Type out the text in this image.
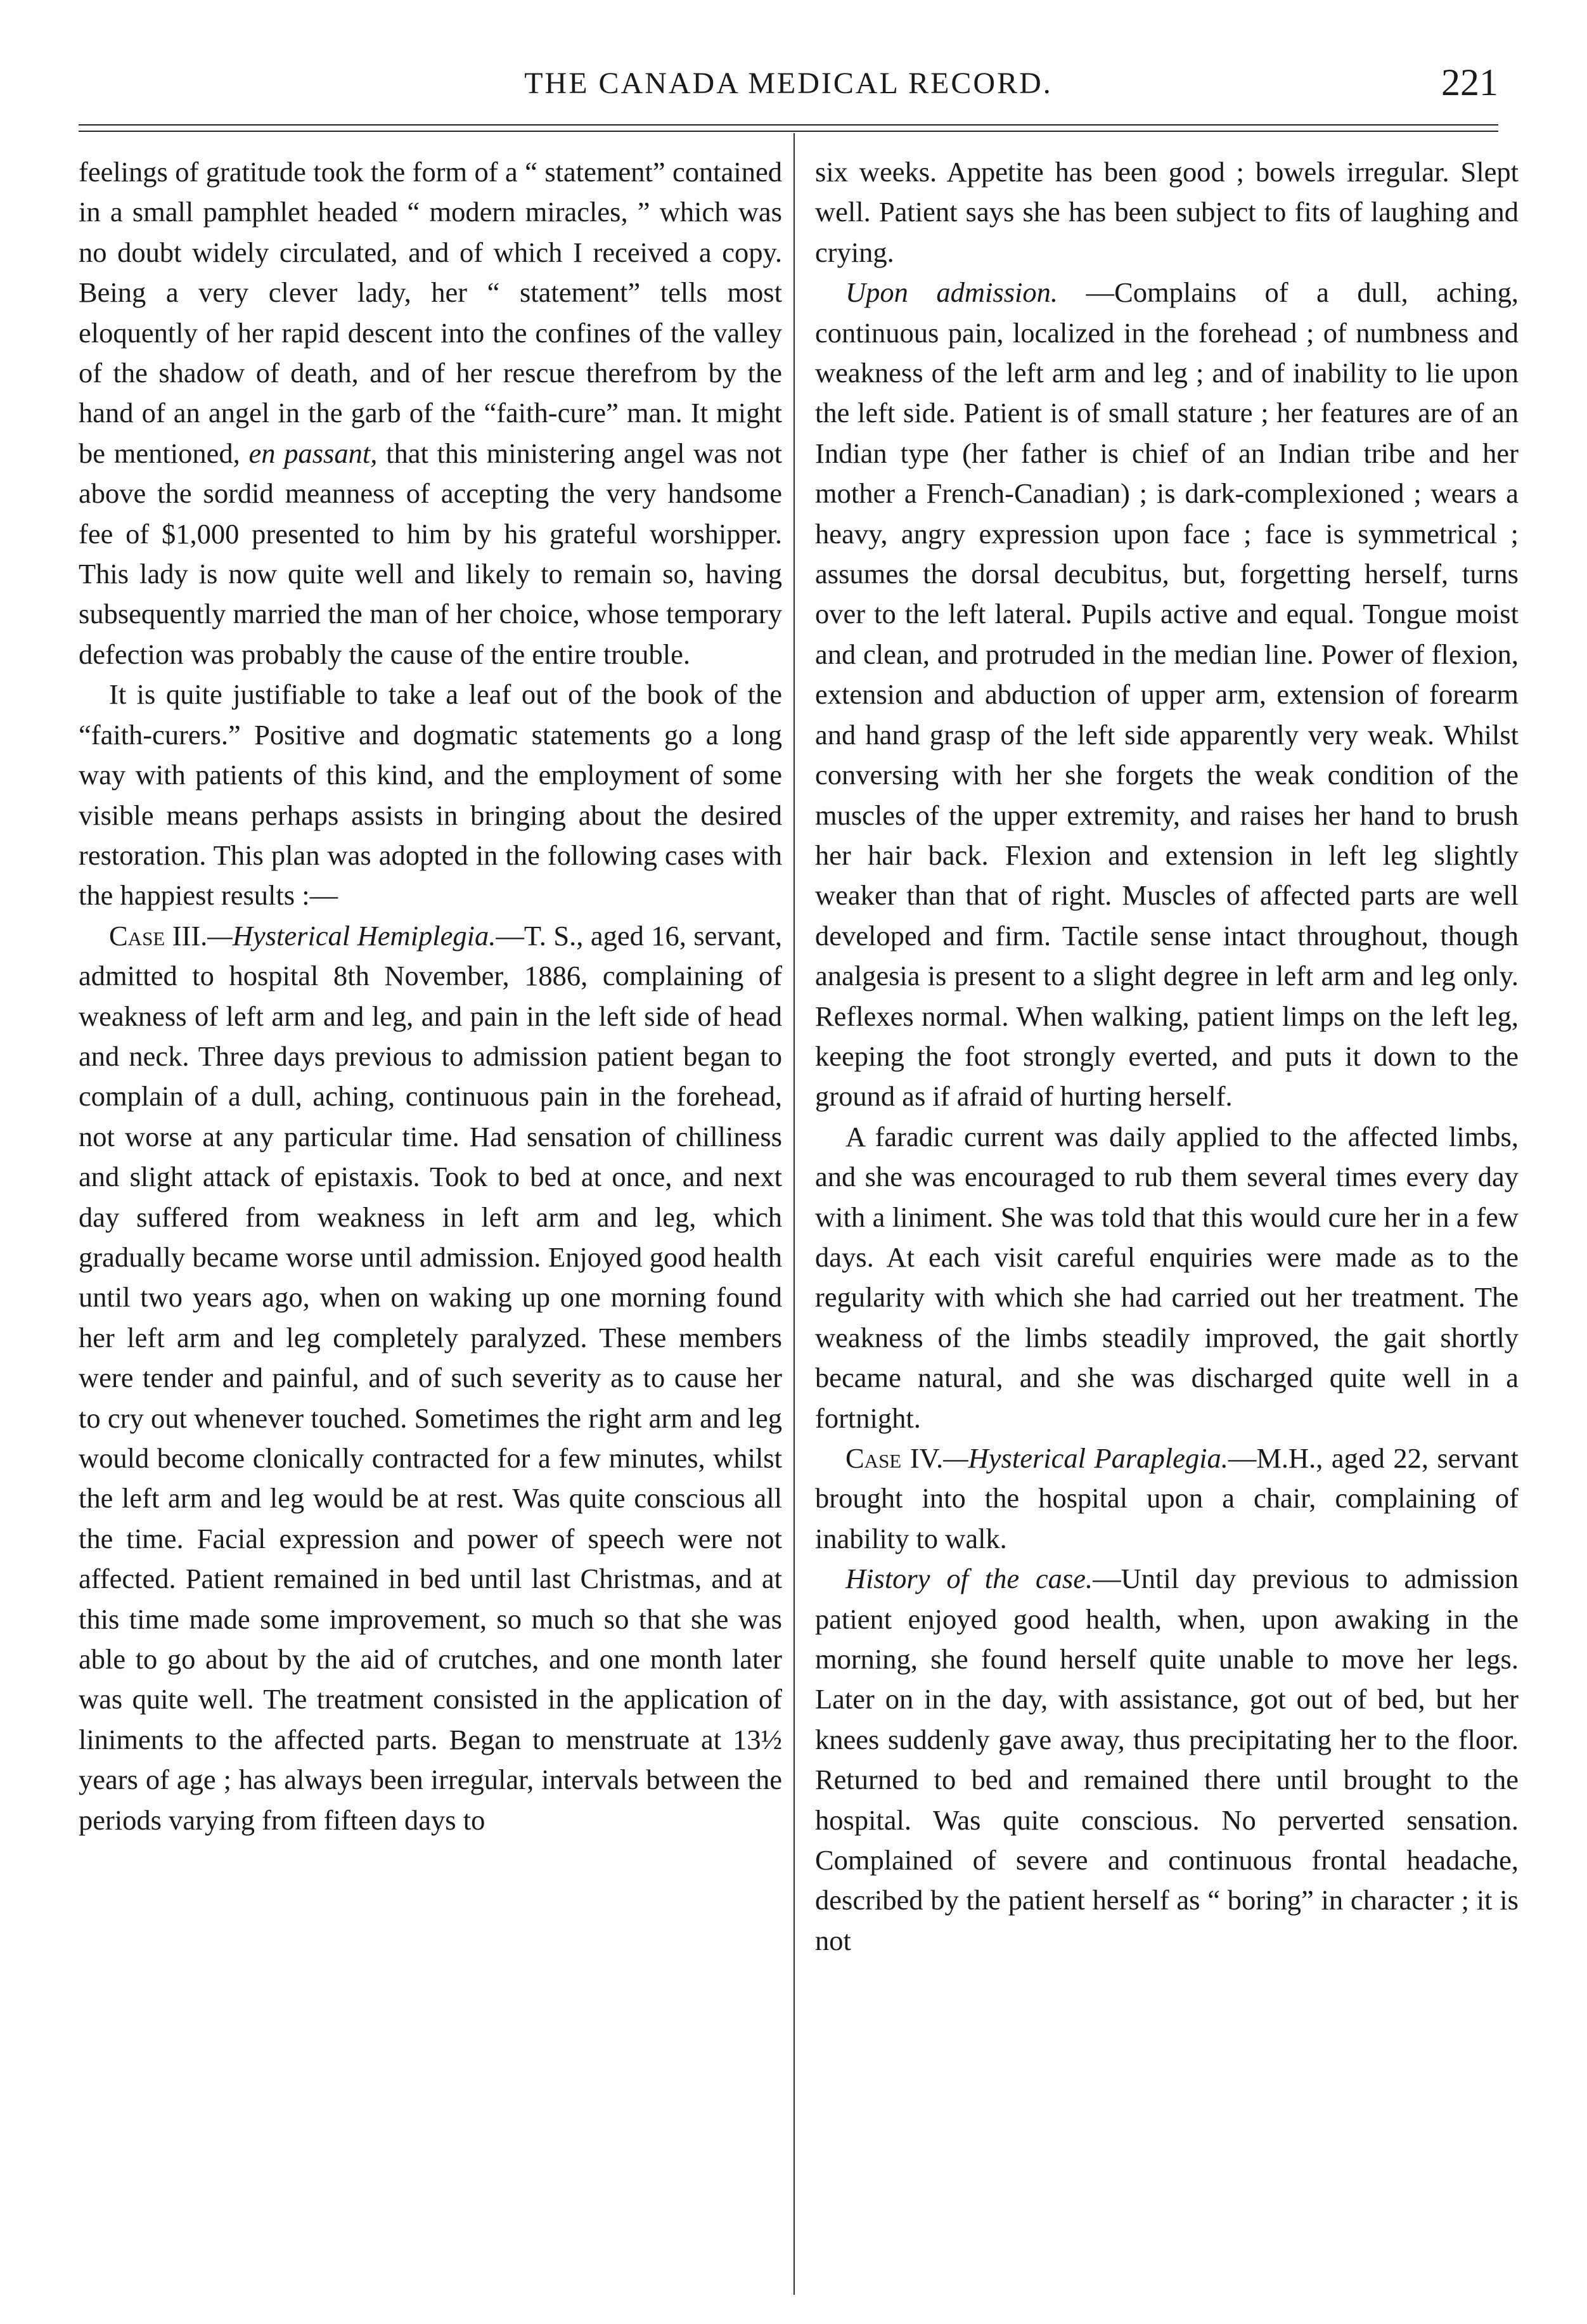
THE CANADA MEDICAL RECORD.	221

feelings of gratitude took the form of a “ statement” contained in a small pamphlet headed “ modern miracles, ” which was no doubt widely circulated, and of which I received a copy. Being a very clever lady, her “ statement” tells most eloquently of her rapid descent into the confines of the valley of the shadow of death, and of her rescue therefrom by the hand of an angel in the garb of the “faith-cure” man. It might be mentioned, en passant, that this ministering angel was not above the sordid meanness of accepting the very handsome fee of $1,000 presented to him by his grateful worshipper. This lady is now quite well and likely to remain so, having subsequently married the man of her choice, whose temporary defection was probably the cause of the entire trouble.

It is quite justifiable to take a leaf out of the book of the “faith-curers.” Positive and dogmatic statements go a long way with patients of this kind, and the employment of some visible means perhaps assists in bringing about the desired restoration. This plan was adopted in the following cases with the happiest results :—

Case III.—Hysterical Hemiplegia.—T. S., aged 16, servant, admitted to hospital 8th November, 1886, complaining of weakness of left arm and leg, and pain in the left side of head and neck. Three days previous to admission patient began to complain of a dull, aching, continuous pain in the forehead, not worse at any particular time. Had sensation of chilliness and slight attack of epistaxis. Took to bed at once, and next day suffered from weakness in left arm and leg, which gradually became worse until admission. Enjoyed good health until two years ago, when on waking up one morning found her left arm and leg completely paralyzed. These members were tender and painful, and of such severity as to cause her to cry out whenever touched. Sometimes the right arm and leg would become clonically contracted for a few minutes, whilst the left arm and leg would be at rest. Was quite conscious all the time. Facial expression and power of speech were not affected. Patient remained in bed until last Christmas, and at this time made some improvement, so much so that she was able to go about by the aid of crutches, and one month later was quite well. The treatment consisted in the application of liniments to the affected parts. Began to menstruate at 13½ years of age ; has always been irregular, intervals between the periods varying from fifteen days to

six weeks. Appetite has been good ; bowels irregular. Slept well. Patient says she has been subject to fits of laughing and crying.

Upon admission. —Complains of a dull, aching, continuous pain, localized in the forehead ; of numbness and weakness of the left arm and leg ; and of inability to lie upon the left side. Patient is of small stature ; her features are of an Indian type (her father is chief of an Indian tribe and her mother a French-Canadian) ; is dark-complexioned ; wears a heavy, angry expression upon face ; face is symmetrical ; assumes the dorsal decubitus, but, forgetting herself, turns over to the left lateral. Pupils active and equal. Tongue moist and clean, and protruded in the median line. Power of flexion, extension and abduction of upper arm, extension of forearm and hand grasp of the left side apparently very weak. Whilst conversing with her she forgets the weak condition of the muscles of the upper extremity, and raises her hand to brush her hair back. Flexion and extension in left leg slightly weaker than that of right. Muscles of affected parts are well developed and firm. Tactile sense intact throughout, though analgesia is present to a slight degree in left arm and leg only. Reflexes normal. When walking, patient limps on the left leg, keeping the foot strongly everted, and puts it down to the ground as if afraid of hurting herself.

A faradic current was daily applied to the affected limbs, and she was encouraged to rub them several times every day with a liniment. She was told that this would cure her in a few days. At each visit careful enquiries were made as to the regularity with which she had carried out her treatment. The weakness of the limbs steadily improved, the gait shortly became natural, and she was discharged quite well in a fortnight.

Case IV.—Hysterical Paraplegia.—M.H., aged 22, servant brought into the hospital upon a chair, complaining of inability to walk.

History of the case.—Until day previous to admission patient enjoyed good health, when, upon awaking in the morning, she found herself quite unable to move her legs. Later on in the day, with assistance, got out of bed, but her knees suddenly gave away, thus precipitating her to the floor. Returned to bed and remained there until brought to the hospital. Was quite conscious. No perverted sensation. Complained of severe and continuous frontal headache, described by the patient herself as “ boring” in character ; it is not
